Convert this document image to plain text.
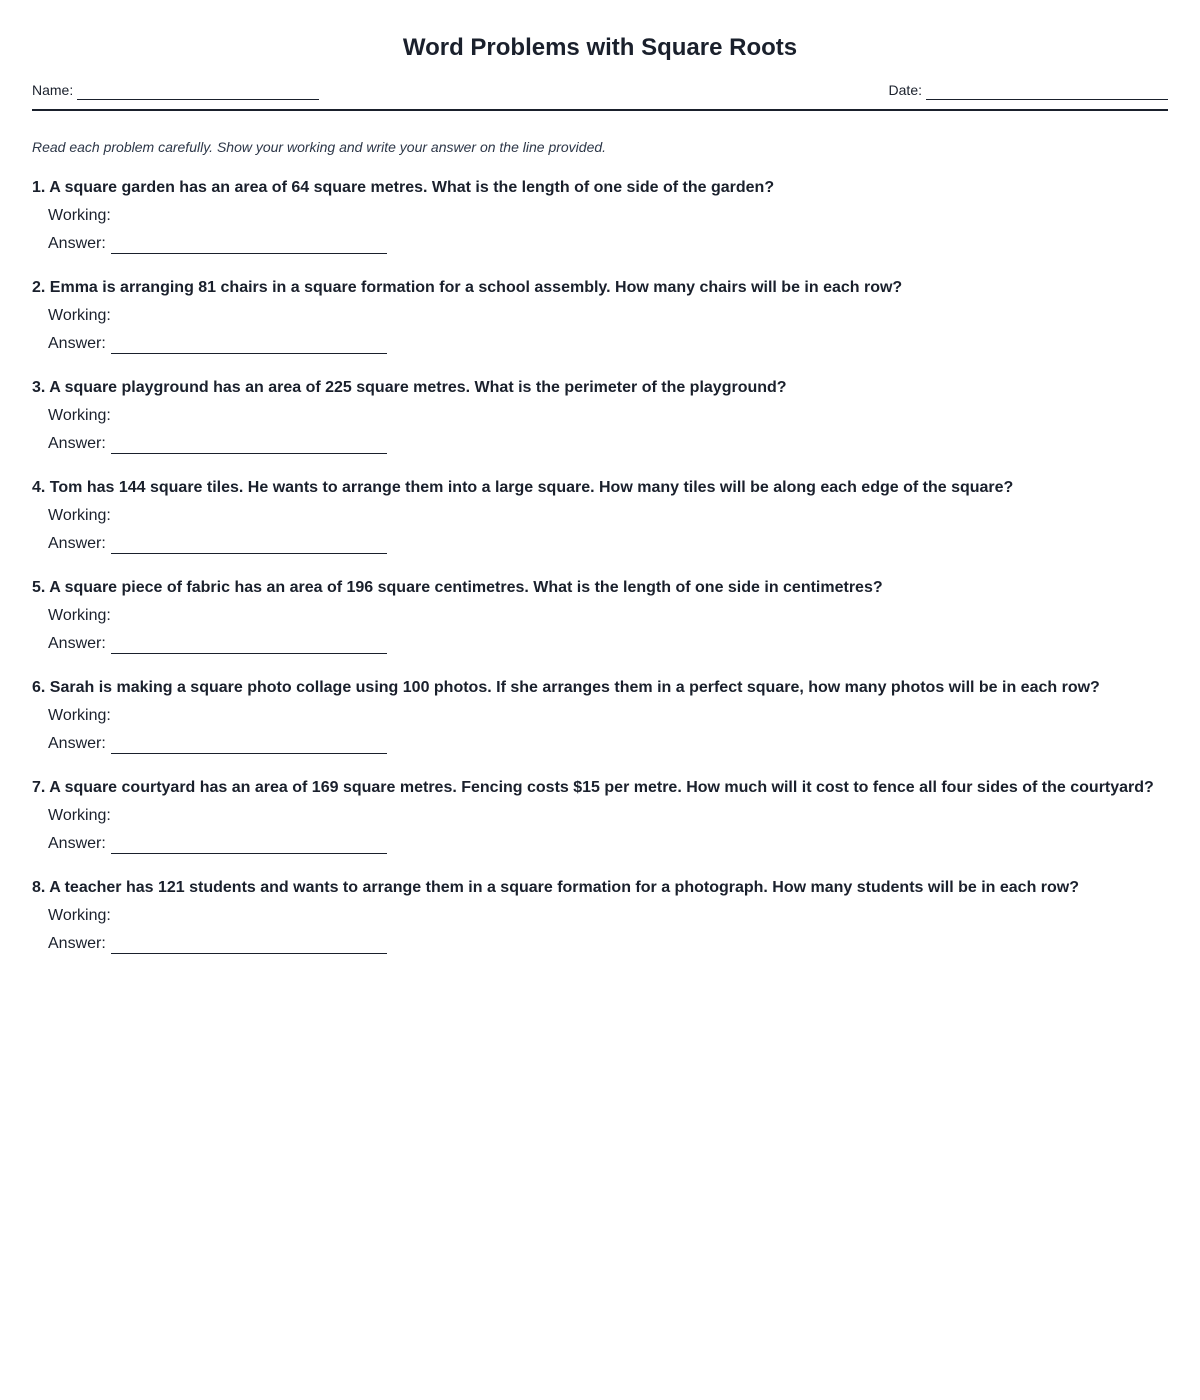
Word Problems with Square Roots
Name:	Date:

Read each problem carefully. Show your working and write your answer on the line provided.

1. A square garden has an area of 64 square metres. What is the length of one side of the garden?

Working:
Answer:

2. Emma is arranging 81 chairs in a square formation for a school assembly. How many chairs will be in each row?

Working:
Answer:

3. A square playground has an area of 225 square metres. What is the perimeter of the playground?

Working:
Answer:

4. Tom has 144 square tiles. He wants to arrange them into a large square. How many tiles will be along each edge of the square?

Working:
Answer:

5. A square piece of fabric has an area of 196 square centimetres. What is the length of one side in centimetres?

Working:
Answer:

6. Sarah is making a square photo collage using 100 photos. If she arranges them in a perfect square, how many photos will be in each row?

Working:
Answer:

7. A square courtyard has an area of 169 square metres. Fencing costs $15 per metre. How much will it cost to fence all four sides of the courtyard?

Working:
Answer:

8. A teacher has 121 students and wants to arrange them in a square formation for a photograph. How many students will be in each row?

Working:
Answer:
